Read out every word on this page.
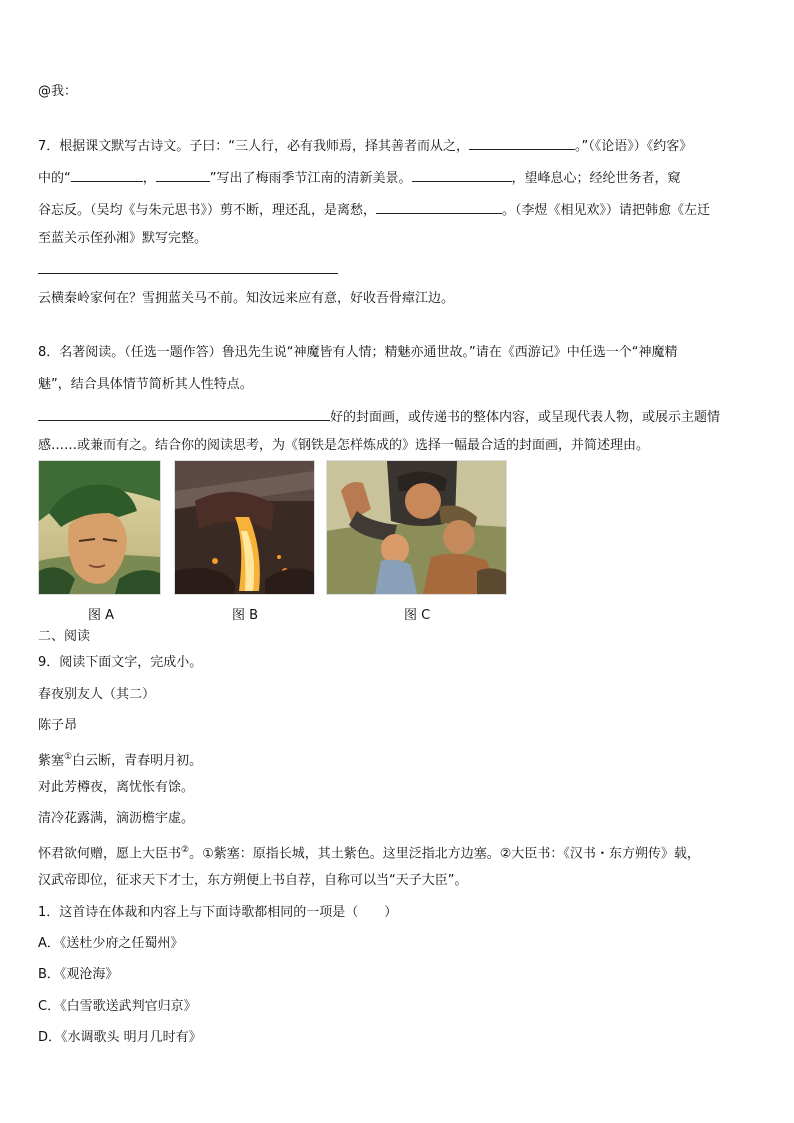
@我：
7．根据课文默写古诗文。子曰：“三人行，必有我师焉，择其善者而从之，	。”（《论语》）《约客》
中的“	，	”写出了梅雨季节江南的清新美景。	，望峰息心；经纶世务者，窥
谷忘反。（吴均《与朱元思书》）剪不断，理还乱，是离愁，	。（李煜《相见欢》）请把韩愈《左迁
至蓝关示侄孙湘》默写完整。
云横秦岭家何在？雪拥蓝关马不前。知汝远来应有意，好收吾骨瘴江边。
8．名著阅读。（任选一题作答）鲁迅先生说“神魔皆有人情；精魅亦通世故。”请在《西游记》中任选一个“神魔精
魅”，结合具体情节简析其人性特点。
好的封面画，或传递书的整体内容，或呈现代表人物，或展示主题情
感……或兼而有之。结合你的阅读思考，为《钢铁是怎样炼成的》选择一幅最合适的封面画，并简述理由。
图 A	图 B	图 C
二、阅读
9．阅读下面文字，完成小。
春夜别友人（其二）
陈子昂
紫塞①白云断，青春明月初。
对此芳樽夜，离忧怅有馀。
清冷花露满，滴沥檐宇虚。
怀君欲何赠，愿上大臣书②。①紫塞：原指长城，其土紫色。这里泛指北方边塞。②大臣书：《汉书・东方朔传》载，
汉武帝即位，征求天下才士，东方朔便上书自荐，自称可以当“天子大臣”。
1．这首诗在体裁和内容上与下面诗歌都相同的一项是（　　）
A．《送杜少府之任蜀州》
B．《观沧海》
C．《白雪歌送武判官归京》
D．《水调歌头 明月几时有》
